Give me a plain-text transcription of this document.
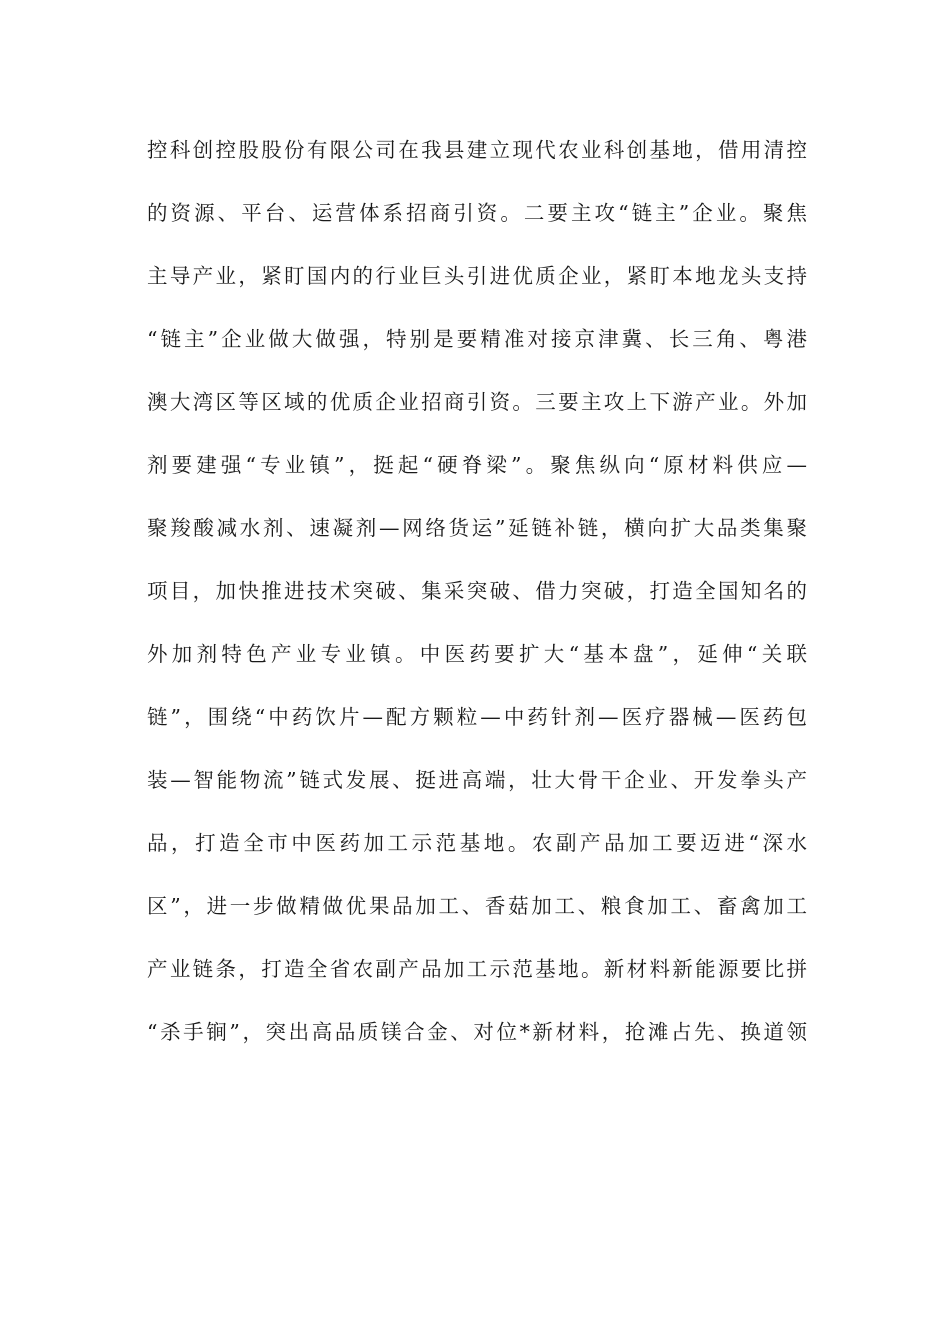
控科创控股股份有限公司在我县建立现代农业科创基地，借用清控
的资源、平台、运营体系招商引资。二要主攻“链主”企业。聚焦
主导产业，紧盯国内的行业巨头引进优质企业，紧盯本地龙头支持
“链主”企业做大做强，特别是要精准对接京津冀、长三角、粤港
澳大湾区等区域的优质企业招商引资。三要主攻上下游产业。外加
剂要建强“专业镇”，挺起“硬脊梁”。聚焦纵向“原材料供应—
聚羧酸减水剂、速凝剂—网络货运”延链补链，横向扩大品类集聚
项目，加快推进技术突破、集采突破、借力突破，打造全国知名的
外加剂特色产业专业镇。中医药要扩大“基本盘”，延伸“关联
链”，围绕“中药饮片—配方颗粒—中药针剂—医疗器械—医药包
装—智能物流”链式发展、挺进高端，壮大骨干企业、开发拳头产
品，打造全市中医药加工示范基地。农副产品加工要迈进“深水
区”，进一步做精做优果品加工、香菇加工、粮食加工、畜禽加工
产业链条，打造全省农副产品加工示范基地。新材料新能源要比拼
“杀手锏”，突出高品质镁合金、对位*新材料，抢滩占先、换道领
